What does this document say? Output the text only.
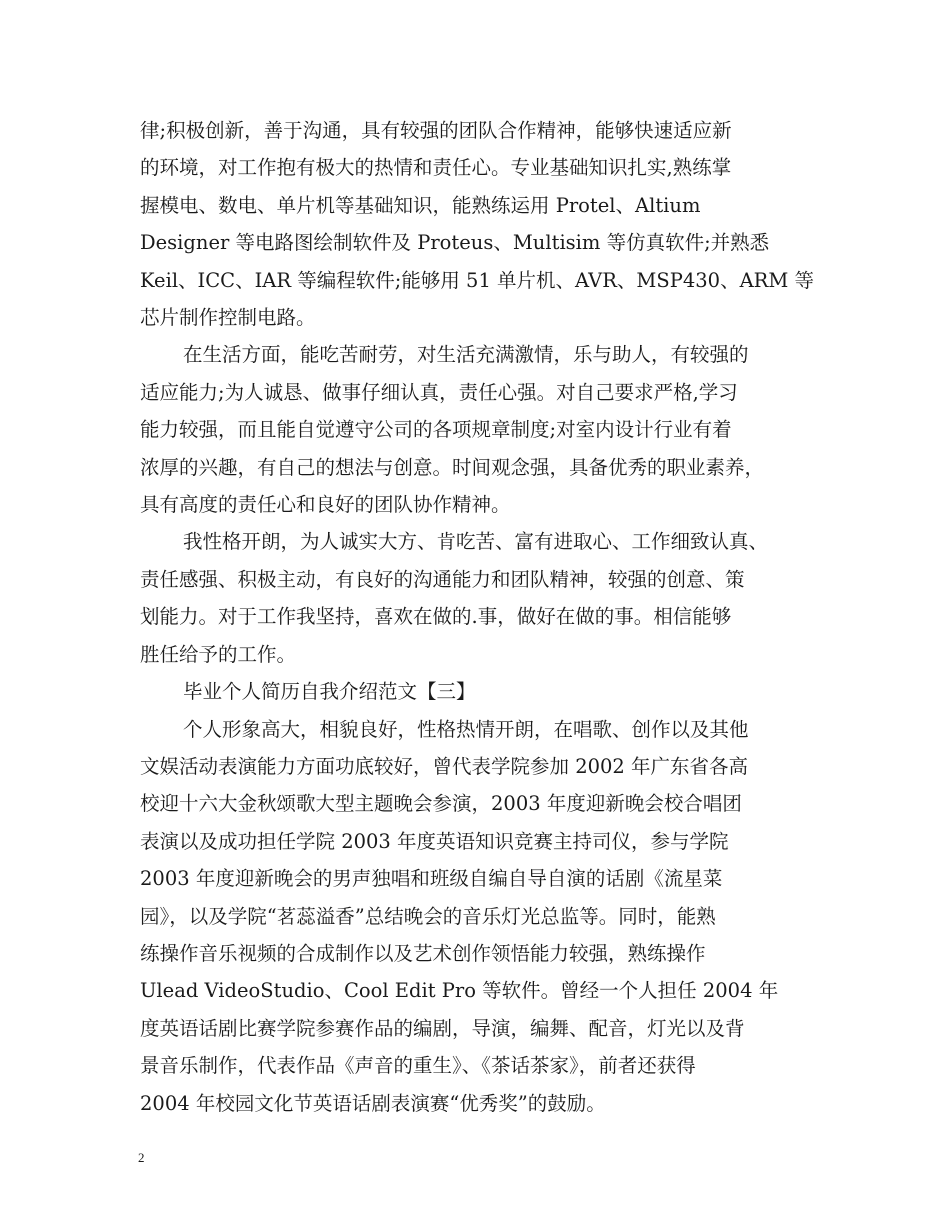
律;积极创新，善于沟通，具有较强的团队合作精神，能够快速适应新
的环境，对工作抱有极大的热情和责任心。专业基础知识扎实,熟练掌
握模电、数电、单片机等基础知识，能熟练运用 Protel、Altium
Designer 等电路图绘制软件及 Proteus、Multisim 等仿真软件;并熟悉
Keil、ICC、IAR 等编程软件;能够用 51 单片机、AVR、MSP430、ARM 等
芯片制作控制电路。

在生活方面，能吃苦耐劳，对生活充满激情，乐与助人，有较强的
适应能力;为人诚恳、做事仔细认真，责任心强。对自己要求严格,学习
能力较强，而且能自觉遵守公司的各项规章制度;对室内设计行业有着
浓厚的兴趣，有自己的想法与创意。时间观念强，具备优秀的职业素养，
具有高度的责任心和良好的团队协作精神。

我性格开朗，为人诚实大方、肯吃苦、富有进取心、工作细致认真、
责任感强、积极主动，有良好的沟通能力和团队精神，较强的创意、策
划能力。对于工作我坚持，喜欢在做的.事，做好在做的事。相信能够
胜任给予的工作。

毕业个人简历自我介绍范文【三】

个人形象高大，相貌良好，性格热情开朗，在唱歌、创作以及其他
文娱活动表演能力方面功底较好，曾代表学院参加 2002 年广东省各高
校迎十六大金秋颂歌大型主题晚会参演，2003 年度迎新晚会校合唱团
表演以及成功担任学院 2003 年度英语知识竞赛主持司仪，参与学院
2003 年度迎新晚会的男声独唱和班级自编自导自演的话剧《流星菜
园》，以及学院“茗蕊溢香”总结晚会的音乐灯光总监等。同时，能熟
练操作音乐视频的合成制作以及艺术创作领悟能力较强，熟练操作
Ulead VideoStudio、Cool Edit Pro 等软件。曾经一个人担任 2004 年
度英语话剧比赛学院参赛作品的编剧，导演，编舞、配音，灯光以及背
景音乐制作，代表作品《声音的重生》、《茶话茶家》，前者还获得
2004 年校园文化节英语话剧表演赛“优秀奖”的鼓励。

2
